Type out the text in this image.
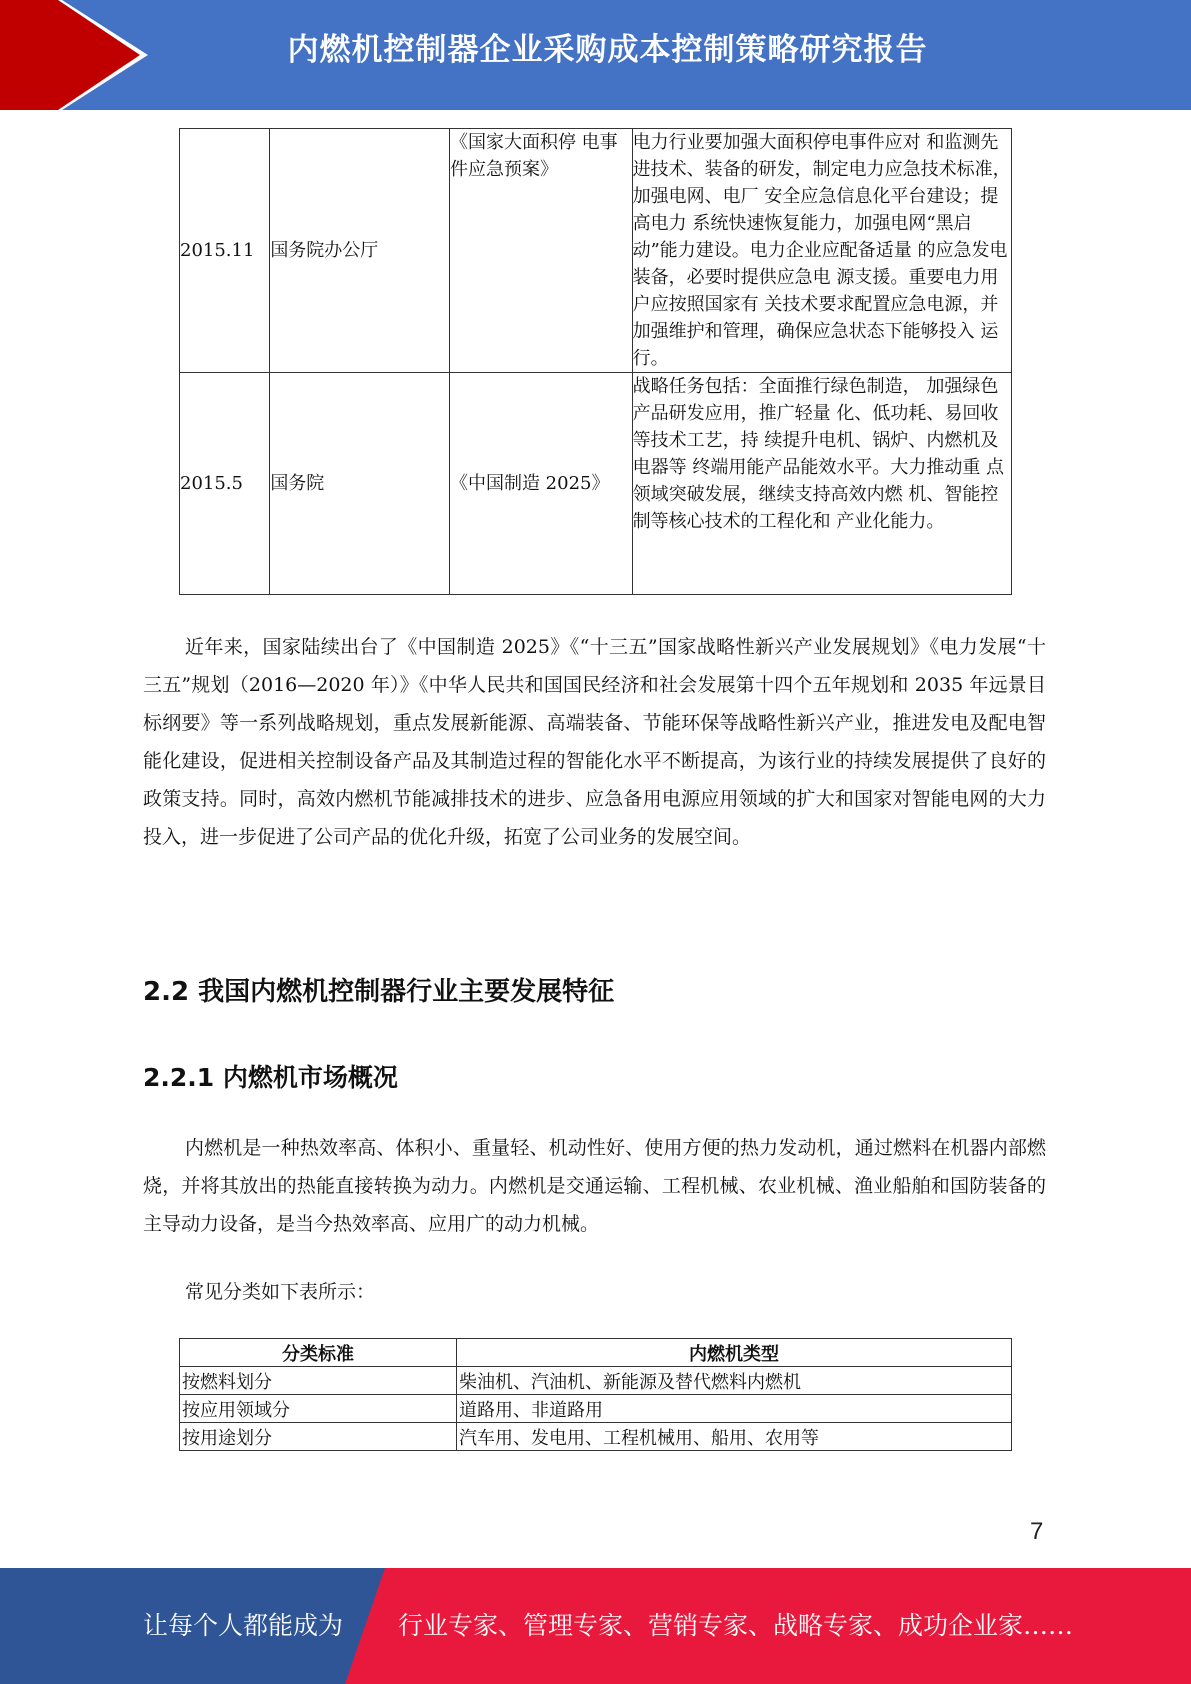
内燃机控制器企业采购成本控制策略研究报告
2015.11	国务院办公厅	《国家大面积停 电事件应急预案》	电力行业要加强大面积停电事件应对 和监测先进技术、装备的研发，制定电力应急技术标准，加强电网、电厂 安全应急信息化平台建设；提高电力 系统快速恢复能力，加强电网“黑启 动”能力建设。电力企业应配备适量 的应急发电装备，必要时提供应急电 源支援。重要电力用户应按照国家有 关技术要求配置应急电源，并加强维护和管理，确保应急状态下能够投入 运行。
2015.5	国务院	《中国制造 2025》	战略任务包括：全面推行绿色制造， 加强绿色产品研发应用，推广轻量 化、低功耗、易回收等技术工艺，持 续提升电机、锅炉、内燃机及电器等 终端用能产品能效水平。大力推动重 点领域突破发展，继续支持高效内燃 机、智能控制等核心技术的工程化和 产业化能力。

近年来，国家陆续出台了《中国制造 2025》《“十三五”国家战略性新兴产业发展规划》《电力发展“十三五”规划（2016—2020 年）》《中华人民共和国国民经济和社会发展第十四个五年规划和 2035 年远景目标纲要》等一系列战略规划，重点发展新能源、高端装备、节能环保等战略性新兴产业，推进发电及配电智能化建设，促进相关控制设备产品及其制造过程的智能化水平不断提高，为该行业的持续发展提供了良好的政策支持。同时，高效内燃机节能减排技术的进步、应急备用电源应用领域的扩大和国家对智能电网的大力投入，进一步促进了公司产品的优化升级，拓宽了公司业务的发展空间。

2.2 我国内燃机控制器行业主要发展特征
2.2.1 内燃机市场概况

内燃机是一种热效率高、体积小、重量轻、机动性好、使用方便的热力发动机，通过燃料在机器内部燃烧，并将其放出的热能直接转换为动力。内燃机是交通运输、工程机械、农业机械、渔业船舶和国防装备的主导动力设备，是当今热效率高、应用广的动力机械。

常见分类如下表所示：

分类标准	内燃机类型
按燃料划分	柴油机、汽油机、新能源及替代燃料内燃机
按应用领域分	道路用、非道路用
按用途划分	汽车用、发电用、工程机械用、船用、农用等
7
让每个人都能成为 行业专家、管理专家、营销专家、战略专家、成功企业家……
